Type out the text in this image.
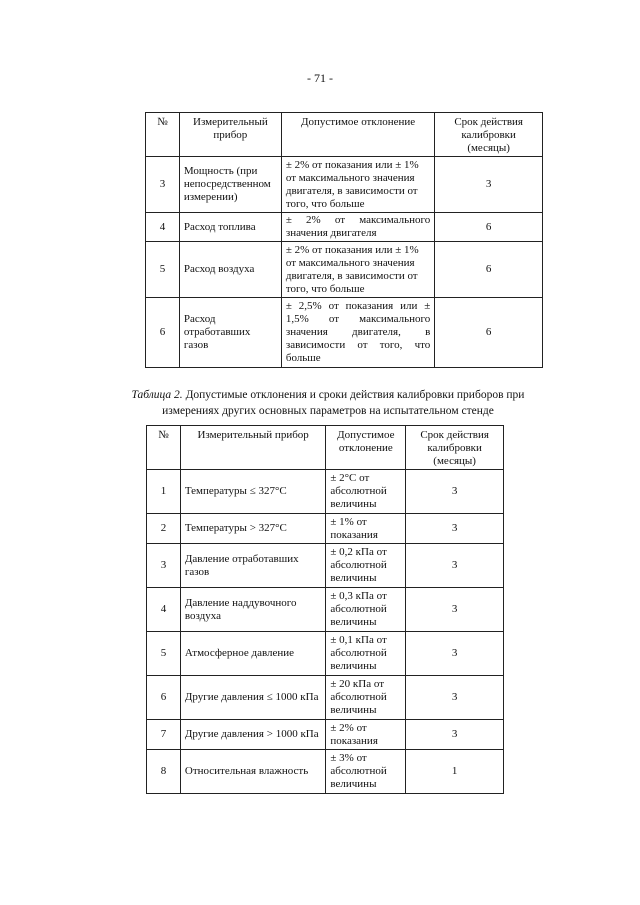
- 71 -
№	Измерительный прибор	Допустимое отклонение	Срок действия калибровки (месяцы)
3	Мощность (при непосредственном измерении)	± 2% от показания или ± 1% от максимального значения двигателя, в зависимости от того, что больше	3
4	Расход топлива	± 2% от максимального значения двигателя	6
5	Расход воздуха	± 2% от показания или ± 1% от максимального значения двигателя, в зависимости от того, что больше	6
6	Расход отработавших газов	± 2,5% от показания или ± 1,5% от максимального значения двигателя, в зависимости от того, что больше	6
Таблица 2. Допустимые отклонения и сроки действия калибровки приборов при измерениях других основных параметров на испытательном стенде
№	Измерительный прибор	Допустимое отклонение	Срок действия калибровки (месяцы)
1	Температуры ≤ 327°С	± 2°С от абсолютной величины	3
2	Температуры > 327°С	± 1% от показания	3
3	Давление отработавших газов	± 0,2 кПа от абсолютной величины	3
4	Давление наддувочного воздуха	± 0,3 кПа от абсолютной величины	3
5	Атмосферное давление	± 0,1 кПа от абсолютной величины	3
6	Другие давления ≤ 1000 кПа	± 20 кПа от абсолютной величины	3
7	Другие давления > 1000 кПа	± 2% от показания	3
8	Относительная влажность	± 3% от абсолютной величины	1
